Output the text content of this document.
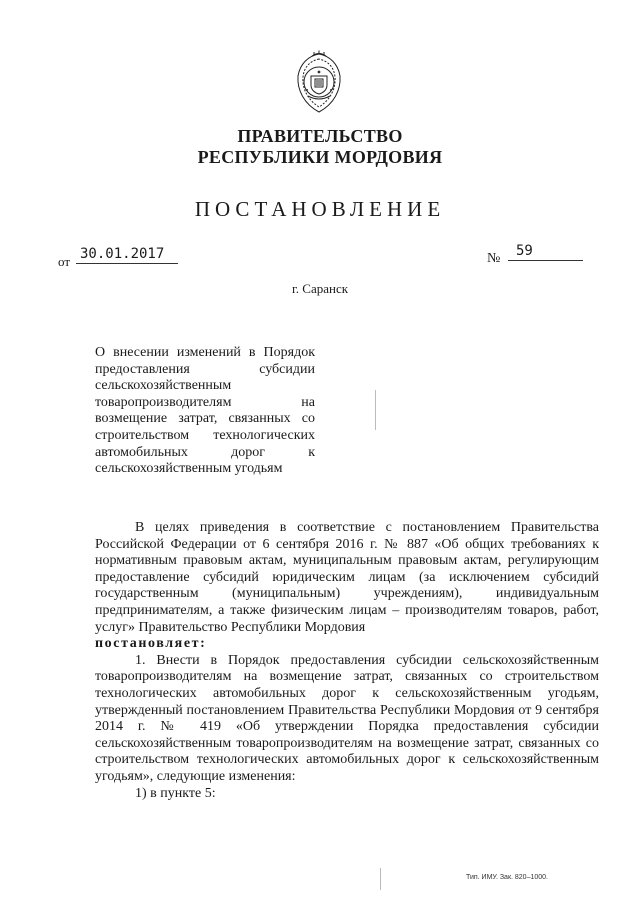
ПРАВИТЕЛЬСТВО
РЕСПУБЛИКИ МОРДОВИЯ
ПОСТАНОВЛЕНИЕ
от 30.01.2017	№	59
г. Саранск
О внесении изменений в Порядок предоставления субсидии сельскохозяйственным товаропроизводителям на возмещение затрат, связанных со строительством технологических автомобильных дорог к сельскохозяйственным угодьям

В целях приведения в соответствие с постановлением Правительства Российской Федерации от 6 сентября 2016 г. № 887 «Об общих требованиях к нормативным правовым актам, муниципальным правовым актам, регулирующим предоставление субсидий юридическим лицам (за исключением субсидий государственным (муниципальным) учреждениям), индивидуальным предпринимателям, а также физическим лицам – производителям товаров, работ, услуг» Правительство Республики Мордовия

постановляет:

1. Внести в Порядок предоставления субсидии сельскохозяйственным товаропроизводителям на возмещение затрат, связанных со строительством технологических автомобильных дорог к сельскохозяйственным угодьям, утвержденный постановлением Правительства Республики Мордовия от 9 сентября 2014 г. № 419 «Об утверждении Порядка предоставления субсидии сельскохозяйственным товаропроизводителям на возмещение затрат, связанных со строительством технологических автомобильных дорог к сельскохозяйственным угодьям», следующие изменения:

1) в пункте 5:

Тип. ИМУ. Зак. 820–1000.
